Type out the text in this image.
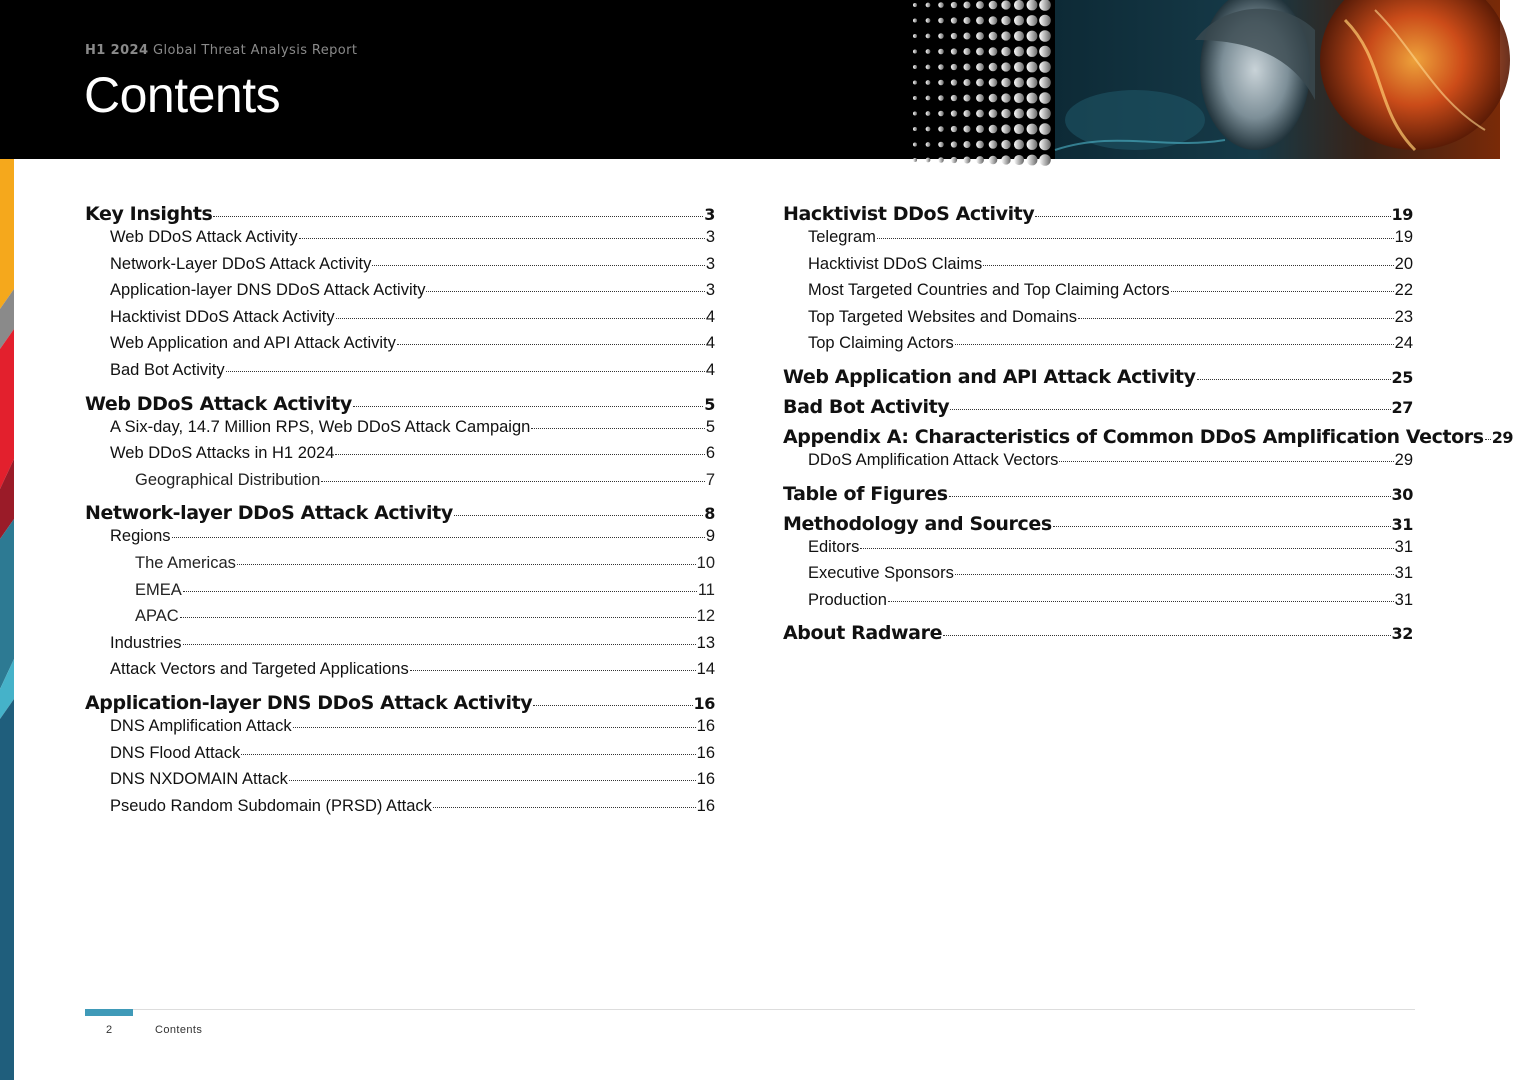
H1 2024 Global Threat Analysis Report
Contents
Key Insights	3
Web DDoS Attack Activity	3
Network-Layer DDoS Attack Activity	3
Application-layer DNS DDoS Attack Activity	3
Hacktivist DDoS Attack Activity	4
Web Application and API Attack Activity	4
Bad Bot Activity	4
Web DDoS Attack Activity	5
A Six-day, 14.7 Million RPS, Web DDoS Attack Campaign	5
Web DDoS Attacks in H1 2024	6
Geographical Distribution	7
Network-layer DDoS Attack Activity	8
Regions	9
The Americas	10
EMEA	11
APAC	12
Industries	13
Attack Vectors and Targeted Applications	14
Application-layer DNS DDoS Attack Activity	16
DNS Amplification Attack	16
DNS Flood Attack	16
DNS NXDOMAIN Attack	16
Pseudo Random Subdomain (PRSD) Attack	16
Hacktivist DDoS Activity	19
Telegram	19
Hacktivist DDoS Claims	20
Most Targeted Countries and Top Claiming Actors	22
Top Targeted Websites and Domains	23
Top Claiming Actors	24
Web Application and API Attack Activity	25
Bad Bot Activity	27
Appendix A: Characteristics of Common DDoS Amplification Vectors 29
DDoS Amplification Attack Vectors	29
Table of Figures	30
Methodology and Sources	31
Editors	31
Executive Sponsors	31
Production	31
About Radware	32
2	Contents
